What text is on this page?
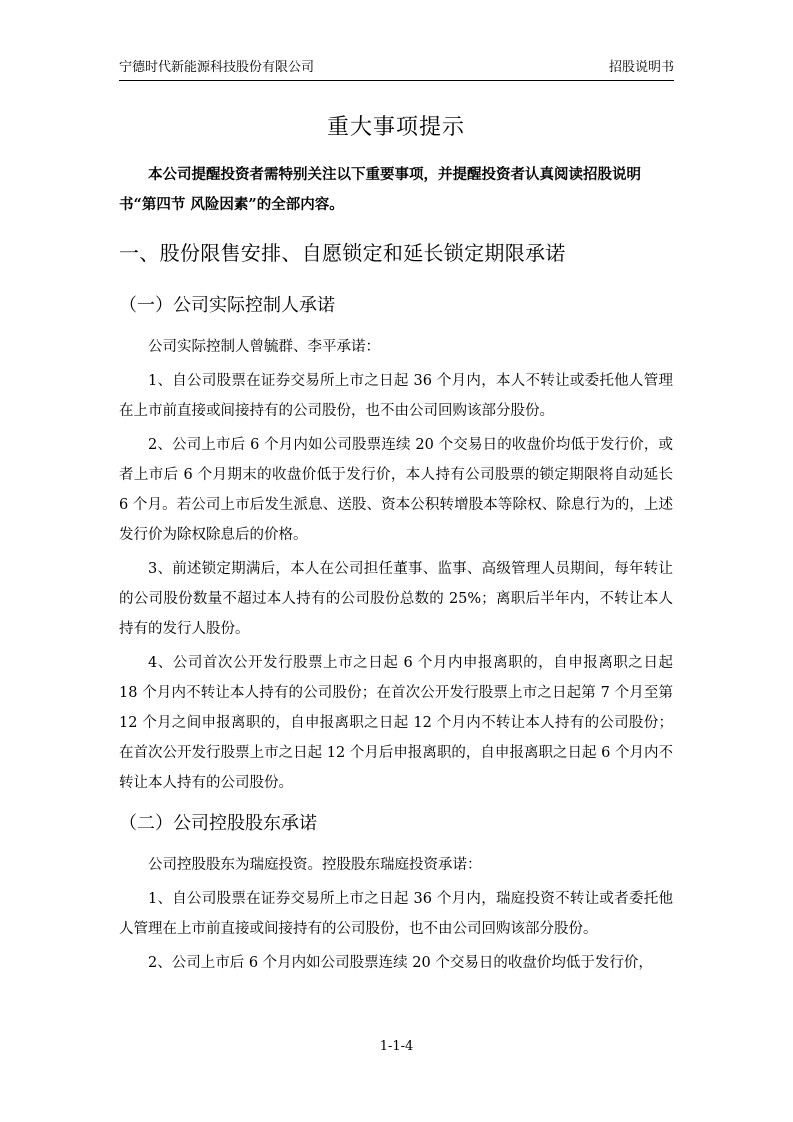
宁德时代新能源科技股份有限公司	招股说明书
重大事项提示

本公司提醒投资者需特别关注以下重要事项，并提醒投资者认真阅读招股说明书“第四节 风险因素”的全部内容。

一、股份限售安排、自愿锁定和延长锁定期限承诺
（一）公司实际控制人承诺

公司实际控制人曾毓群、李平承诺：

1、自公司股票在证券交易所上市之日起 36 个月内，本人不转让或委托他人管理在上市前直接或间接持有的公司股份，也不由公司回购该部分股份。

2、公司上市后 6 个月内如公司股票连续 20 个交易日的收盘价均低于发行价，或者上市后 6 个月期末的收盘价低于发行价，本人持有公司股票的锁定期限将自动延长 6 个月。若公司上市后发生派息、送股、资本公积转增股本等除权、除息行为的，上述发行价为除权除息后的价格。

3、前述锁定期满后，本人在公司担任董事、监事、高级管理人员期间，每年转让的公司股份数量不超过本人持有的公司股份总数的 25%；离职后半年内，不转让本人持有的发行人股份。

4、公司首次公开发行股票上市之日起 6 个月内申报离职的，自申报离职之日起 18 个月内不转让本人持有的公司股份；在首次公开发行股票上市之日起第 7 个月至第 12 个月之间申报离职的，自申报离职之日起 12 个月内不转让本人持有的公司股份；在首次公开发行股票上市之日起 12 个月后申报离职的，自申报离职之日起 6 个月内不转让本人持有的公司股份。

（二）公司控股股东承诺

公司控股股东为瑞庭投资。控股股东瑞庭投资承诺：

1、自公司股票在证券交易所上市之日起 36 个月内，瑞庭投资不转让或者委托他人管理在上市前直接或间接持有的公司股份，也不由公司回购该部分股份。

2、公司上市后 6 个月内如公司股票连续 20 个交易日的收盘价均低于发行价，

1-1-4
